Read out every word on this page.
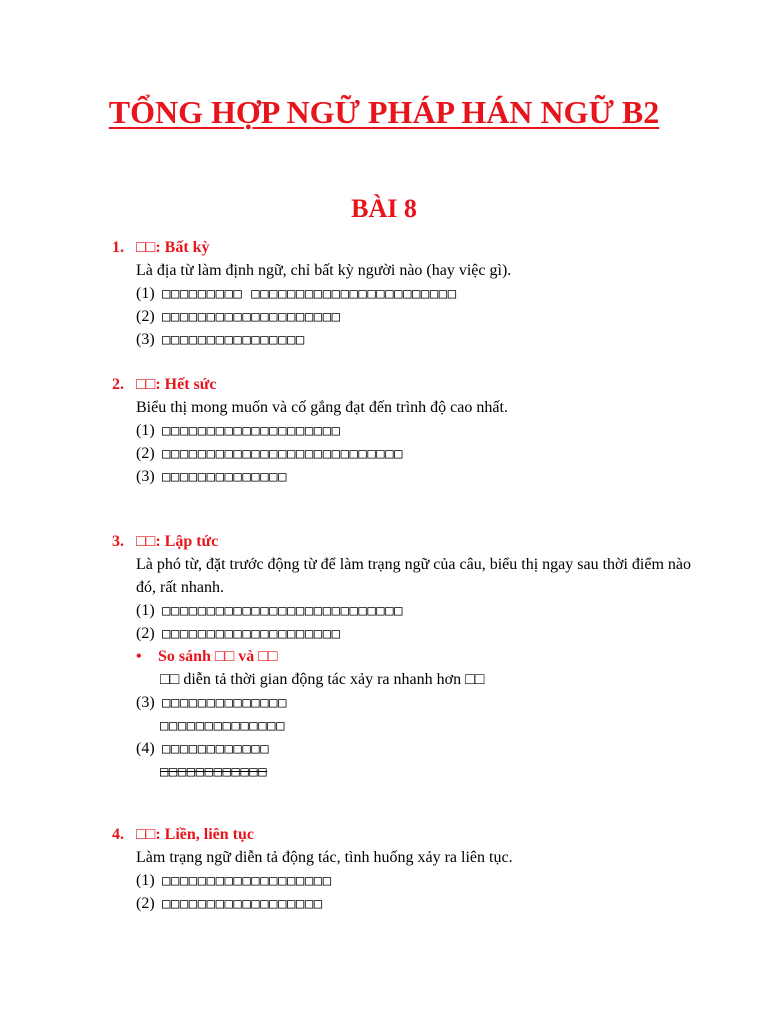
TỔNG HỢP NGỮ PHÁP HÁN NGỮ B2
BÀI 8
1. □□: Bất kỳ
Là địa từ làm định ngữ, chỉ bất kỳ người nào (hay việc gì).
(1) □□□□□□□□□ □□□□□□□□□□□□□□□□□□□□□□□
(2) □□□□□□□□□□□□□□□□□□□□
(3) □□□□□□□□□□□□□□□□
2. □□: Hết sức
Biểu thị mong muốn và cố gắng đạt đến trình độ cao nhất.
(1) □□□□□□□□□□□□□□□□□□□□
(2) □□□□□□□□□□□□□□□□□□□□□□□□□□□
(3) □□□□□□□□□□□□□□
3. □□: Lập tức
Là phó từ, đặt trước động từ để làm trạng ngữ của câu, biểu thị ngay sau thời điểm nào đó, rất nhanh.
(1) □□□□□□□□□□□□□□□□□□□□□□□□□□□
(2) □□□□□□□□□□□□□□□□□□□□
• So sánh □□ và □□
□□ diễn tả thời gian động tác xảy ra nhanh hơn □□
(3) □□□□□□□□□□□□□□
□□□□□□□□□□□□□□
(4) □□□□□□□□□□□□
□□□□□□□□□□□□
4. □□: Liền, liên tục
Làm trạng ngữ diễn tả động tác, tình huống xảy ra liên tục.
(1) □□□□□□□□□□□□□□□□□□□
(2) □□□□□□□□□□□□□□□□□□
